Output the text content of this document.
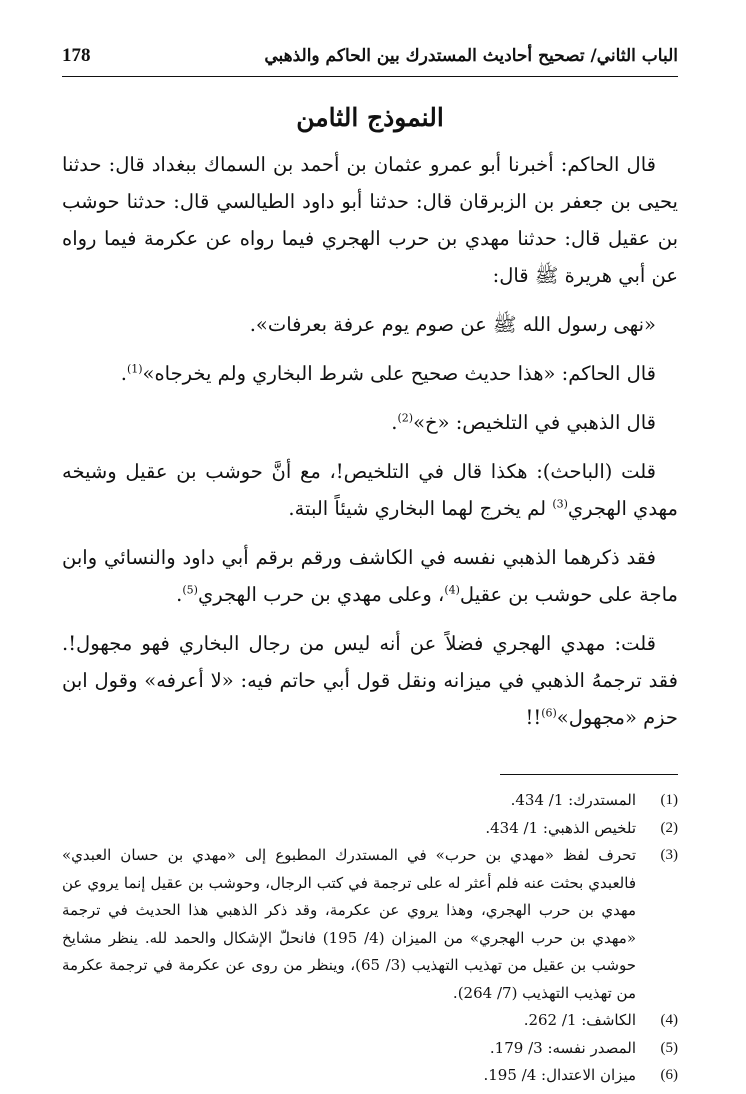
الباب الثاني/ تصحيح أحاديث المستدرك بين الحاكم والذهبي
178
النموذج الثامن

قال الحاكم: أخبرنا أبو عمرو عثمان بن أحمد بن السماك ببغداد قال: حدثنا يحيى بن جعفر بن الزبرقان قال: حدثنا أبو داود الطيالسي قال: حدثنا حوشب بن عقيل قال: حدثنا مهدي بن حرب الهجري فيما رواه عن عكرمة فيما رواه عن أبي هريرة ﷺ قال:

«نهى رسول الله ﷺ عن صوم يوم عرفة بعرفات».

قال الحاكم: «هذا حديث صحيح على شرط البخاري ولم يخرجاه»$^{(1)}$.

قال الذهبي في التلخيص: «خ»$^{(2)}$.

قلت (الباحث): هكذا قال في التلخيص!، مع أنَّ حوشب بن عقيل وشيخه مهدي الهجري$^{(3)}$ لم يخرج لهما البخاري شيئاً البتة.

فقد ذكرهما الذهبي نفسه في الكاشف ورقم برقم أبي داود والنسائي وابن ماجة على حوشب بن عقيل$^{(4)}$، وعلى مهدي بن حرب الهجري$^{(5)}$.

قلت: مهدي الهجري فضلاً عن أنه ليس من رجال البخاري فهو مجهول!. فقد ترجمهُ الذهبي في ميزانه ونقل قول أبي حاتم فيه: «لا أعرفه» وقول ابن حزم «مجهول»$^{(6)}$!!

(1)

المستدرك: 1/ 434.

(2)

تلخيص الذهبي: 1/ 434.

(3)

تحرف لفظ «مهدي بن حرب» في المستدرك المطبوع إلى «مهدي بن حسان العبدي» فالعبدي بحثت عنه فلم أعثر له على ترجمة في كتب الرجال، وحوشب بن عقيل إنما يروي عن مهدي بن حرب الهجري، وهذا يروي عن عكرمة، وقد ذكر الذهبي هذا الحديث في ترجمة «مهدي بن حرب الهجري» من الميزان (4/ 195) فانحلّ الإشكال والحمد لله. ينظر مشايخ حوشب بن عقيل من تهذيب التهذيب (3/ 65)، وينظر من روى عن عكرمة في ترجمة عكرمة من تهذيب التهذيب (7/ 264).

(4)

الكاشف: 1/ 262.

(5)

المصدر نفسه: 3/ 179.

(6)

ميزان الاعتدال: 4/ 195.
